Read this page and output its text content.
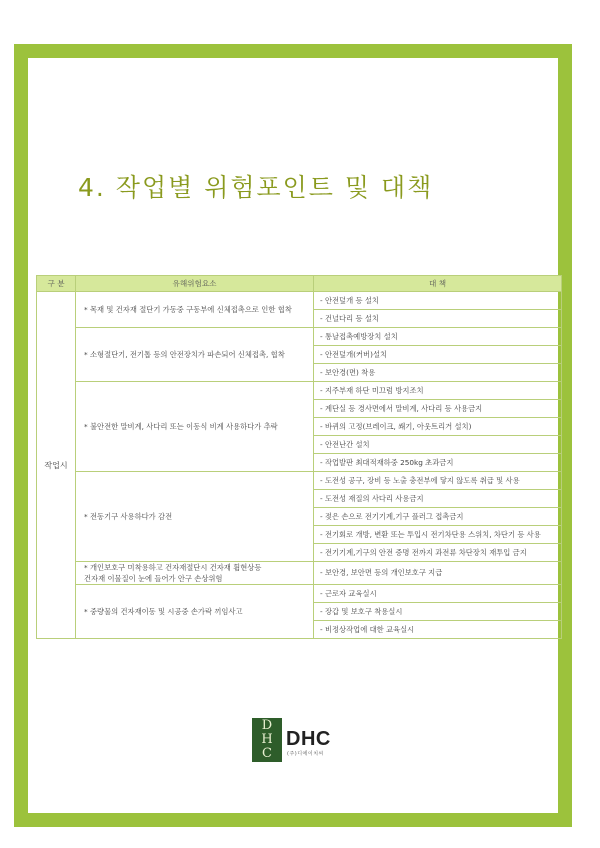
4. 작업별 위험포인트 및 대책
구 분	유해위험요소	대 책
작업시	* 목재 및 건자재 절단기 가동중 구동부에 신체접촉으로 인한 협착	- 안전덮개 등 설치
		- 건널다리 등 설치
	* 소형절단기, 전기톱 등의 안전장치가 파손되어 신체접촉, 협착	- 통날접촉예방장치 설치
		- 안전덮개(커버)설치
		- 보안경(면) 착용
	* 불안전한 말비계, 사다리 또는 이동식 비계 사용하다가 추락	- 지주부재 하단 미끄럼 방지조치
		- 계단실 등 경사면에서 말비계, 사다리 등 사용금지
		- 바퀴의 고정(브레이크, 쐐기, 아웃트리거 설치)
		- 안전난간 설치
		- 작업발판 최대적재하중 250kg 초과금지
	* 전동기구 사용하다가 감전	- 도전성 공구, 장비 등 노출 충전부에 닿지 않도록 취급 및 사용
		- 도전성 재질의 사다리 사용금지
		- 젖은 손으로 전기기계,기구 플러그 접촉금지
		- 전기회로 개방, 변환 또는 투입시 전기차단용 스위치, 차단기 등 사용
		- 전기기계,기구의 안전 증명 전까지 과전류 차단장치 재투입 금지
	* 개인보호구 미착용하고 건자재절단시 건자재 휨현상등
건자재 이물질이 눈에 들어가 안구 손상위험	- 보안경, 보안면 등의 개인보호구 지급
	* 중량물의 건자재이동 및 시공중 손가락 끼임사고	- 근로자 교육실시
		- 장갑 및 보호구 착용실시
		- 비정상작업에 대한 교육실시
D
H
C
DHC
(주)디에이치씨
